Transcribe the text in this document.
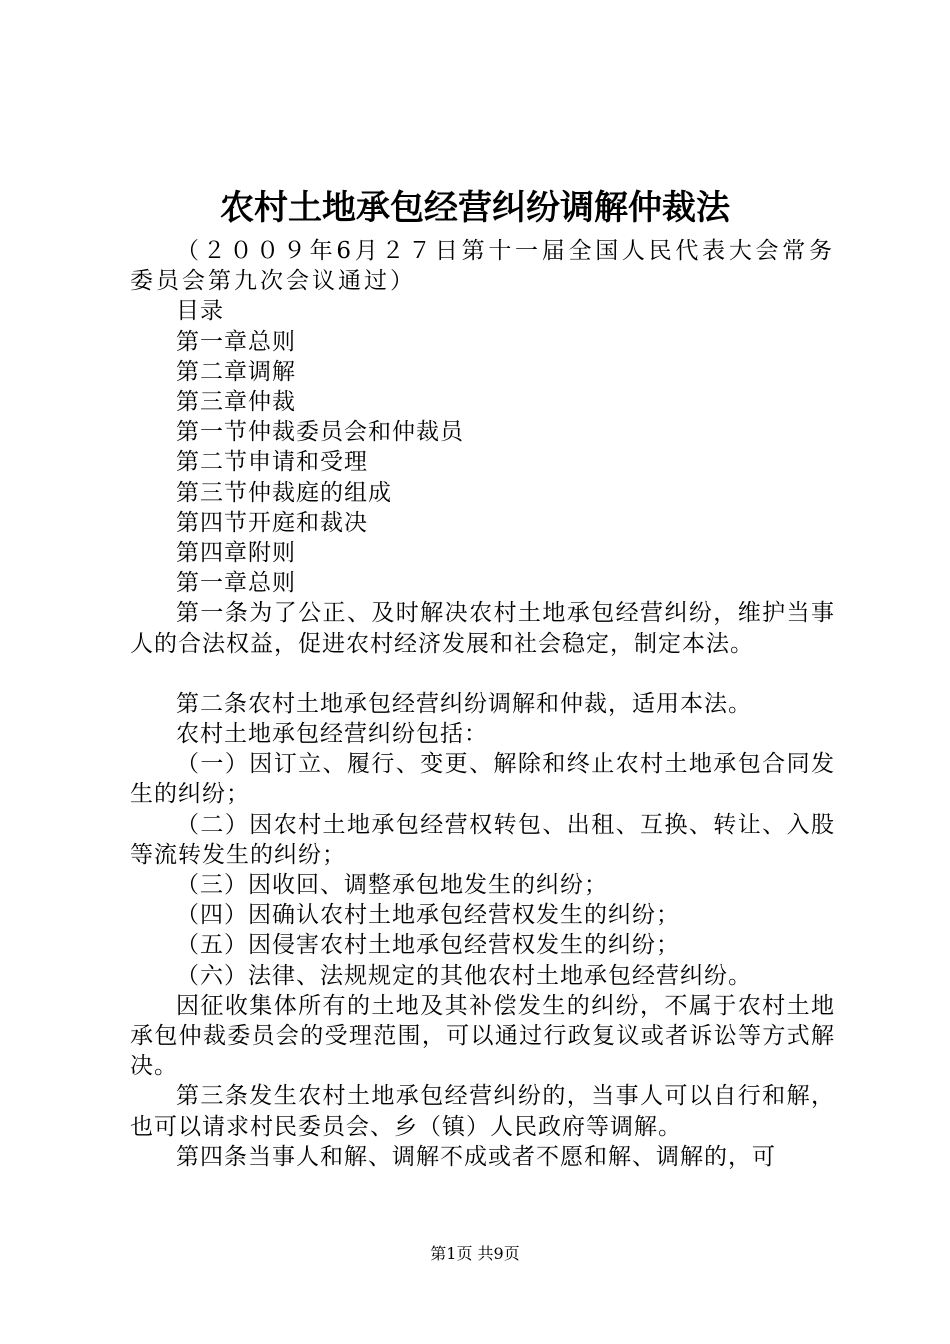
农村土地承包经营纠纷调解仲裁法

（２００９年6月２７日第十一届全国人民代表大会常务委员会第九次会议通过）

目录

第一章总则

第二章调解

第三章仲裁

第一节仲裁委员会和仲裁员

第二节申请和受理

第三节仲裁庭的组成

第四节开庭和裁决

第四章附则

第一章总则

第一条为了公正、及时解决农村土地承包经营纠纷，维护当事人的合法权益，促进农村经济发展和社会稳定，制定本法。

第二条农村土地承包经营纠纷调解和仲裁，适用本法。

农村土地承包经营纠纷包括：

（一）因订立、履行、变更、解除和终止农村土地承包合同发生的纠纷；

（二）因农村土地承包经营权转包、出租、互换、转让、入股等流转发生的纠纷；

（三）因收回、调整承包地发生的纠纷；

（四）因确认农村土地承包经营权发生的纠纷；

（五）因侵害农村土地承包经营权发生的纠纷；

（六）法律、法规规定的其他农村土地承包经营纠纷。

因征收集体所有的土地及其补偿发生的纠纷，不属于农村土地承包仲裁委员会的受理范围，可以通过行政复议或者诉讼等方式解决。

第三条发生农村土地承包经营纠纷的，当事人可以自行和解，也可以请求村民委员会、乡（镇）人民政府等调解。

第四条当事人和解、调解不成或者不愿和解、调解的，可

第1页 共9页
